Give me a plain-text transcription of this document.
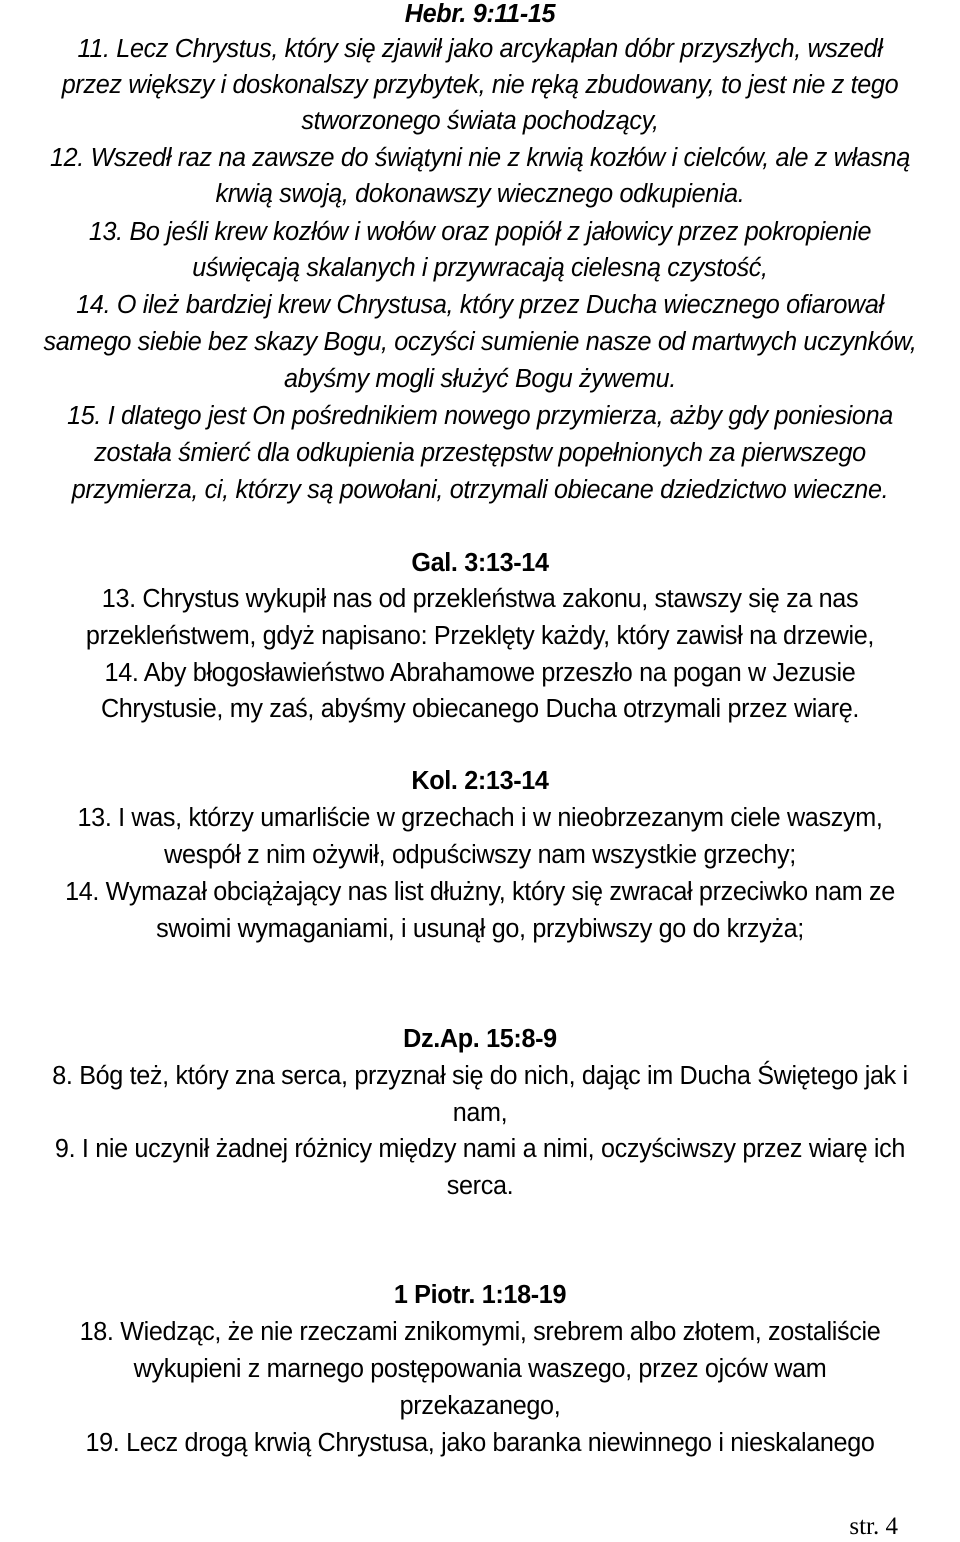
Hebr. 9:11-15
11. Lecz Chrystus, który się zjawił jako arcykapłan dóbr przyszłych, wszedł
przez większy i doskonalszy przybytek, nie ręką zbudowany, to jest nie z tego
stworzonego świata pochodzący,
12. Wszedł raz na zawsze do świątyni nie z krwią kozłów i cielców, ale z własną
krwią swoją, dokonawszy wiecznego odkupienia.
13. Bo jeśli krew kozłów i wołów oraz popiół z jałowicy przez pokropienie
uświęcają skalanych i przywracają cielesną czystość,
14. O ileż bardziej krew Chrystusa, który przez Ducha wiecznego ofiarował
samego siebie bez skazy Bogu, oczyści sumienie nasze od martwych uczynków,
abyśmy mogli służyć Bogu żywemu.
15. I dlatego jest On pośrednikiem nowego przymierza, ażby gdy poniesiona
została śmierć dla odkupienia przestępstw popełnionych za pierwszego
przymierza, ci, którzy są powołani, otrzymali obiecane dziedzictwo wieczne.
Gal. 3:13-14
13. Chrystus wykupił nas od przekleństwa zakonu, stawszy się za nas
przekleństwem, gdyż napisano: Przeklęty każdy, który zawisł na drzewie,
14. Aby błogosławieństwo Abrahamowe przeszło na pogan w Jezusie
Chrystusie, my zaś, abyśmy obiecanego Ducha otrzymali przez wiarę.
Kol. 2:13-14
13. I was, którzy umarliście w grzechach i w nieobrzezanym ciele waszym,
wespół z nim ożywił, odpuściwszy nam wszystkie grzechy;
14. Wymazał obciążający nas list dłużny, który się zwracał przeciwko nam ze
swoimi wymaganiami, i usunął go, przybiwszy go do krzyża;
Dz.Ap. 15:8-9
8. Bóg też, który zna serca, przyznał się do nich, dając im Ducha Świętego jak i
nam,
9. I nie uczynił żadnej różnicy między nami a nimi, oczyściwszy przez wiarę ich
serca.
1 Piotr. 1:18-19
18. Wiedząc, że nie rzeczami znikomymi, srebrem albo złotem, zostaliście
wykupieni z marnego postępowania waszego, przez ojców wam
przekazanego,
19. Lecz drogą krwią Chrystusa, jako baranka niewinnego i nieskalanego
str. 4
